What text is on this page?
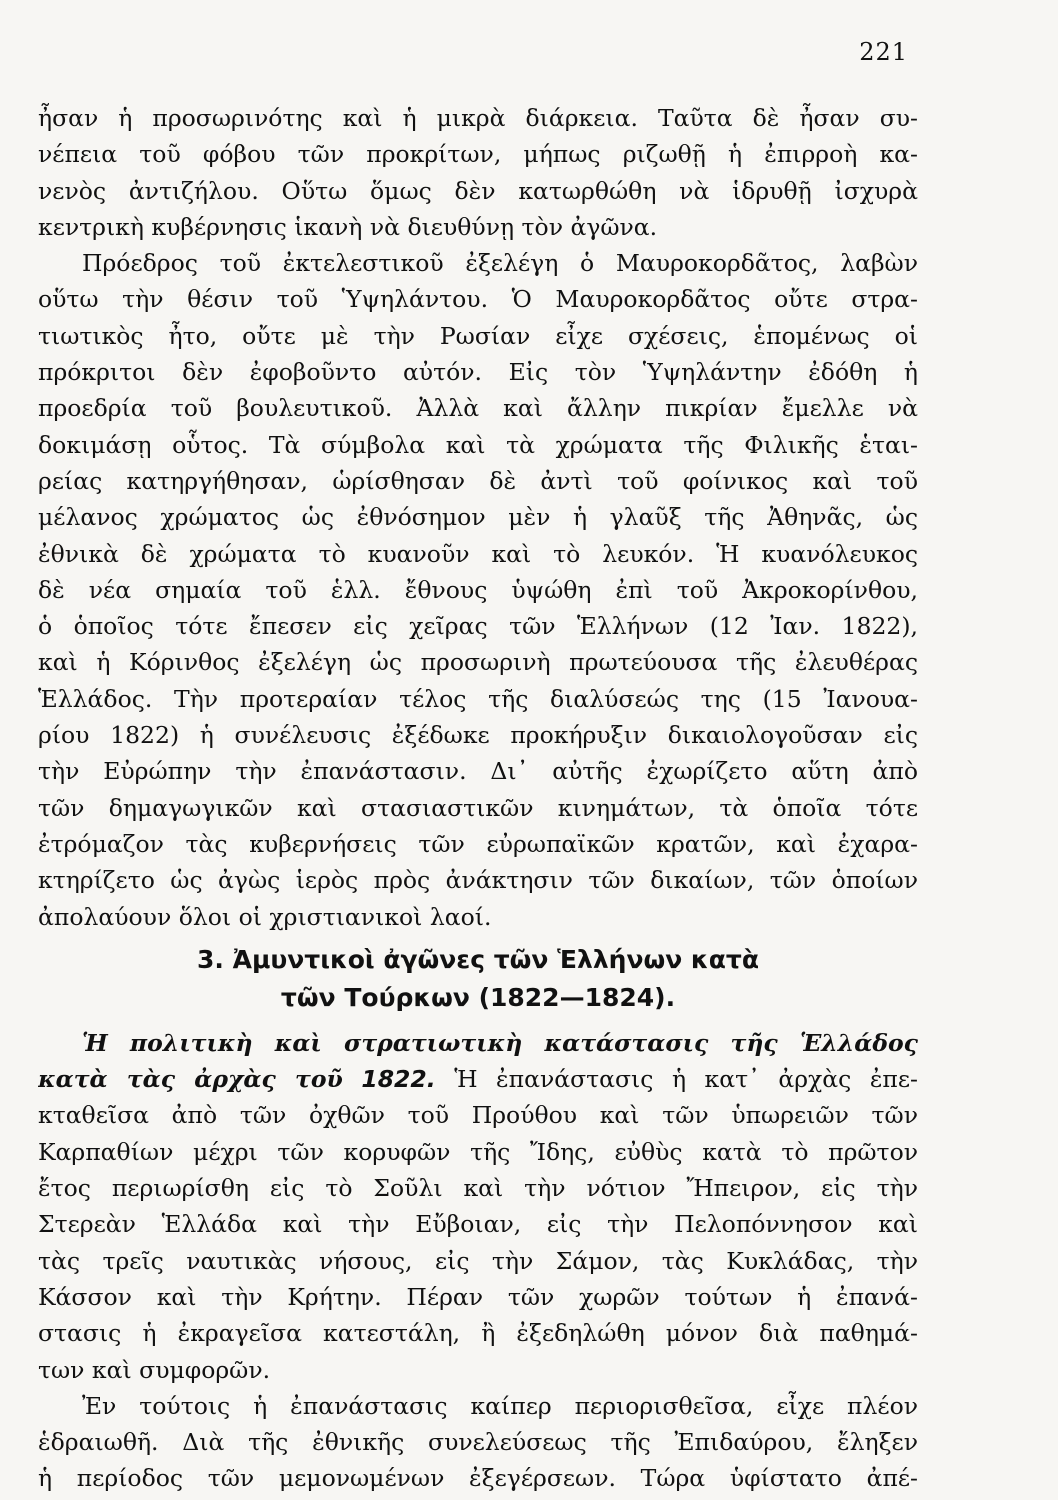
221
ἦσαν ἡ προσωρινότης καὶ ἡ μικρὰ διάρκεια. Ταῦτα δὲ ἦσαν συ-
νέπεια τοῦ φόβου τῶν προκρίτων, μήπως ριζωθῇ ἡ ἐπιρροὴ κα-
νενὸς ἀντιζήλου. Οὕτω ὅμως δὲν κατωρθώθη νὰ ἱδρυθῇ ἰσχυρὰ
κεντρικὴ κυβέρνησις ἱκανὴ νὰ διευθύνῃ τὸν ἀγῶνα.
Πρόεδρος τοῦ ἐκτελεστικοῦ ἐξελέγη ὁ Μαυροκορδᾶτος, λαβὼν
οὕτω τὴν θέσιν τοῦ Ὑψηλάντου. Ὁ Μαυροκορδᾶτος οὔτε στρα-
τιωτικὸς ἦτο, οὔτε μὲ τὴν Ρωσίαν εἶχε σχέσεις, ἑπομένως οἱ
πρόκριτοι δὲν ἐφοβοῦντο αὐτόν. Εἰς τὸν Ὑψηλάντην ἐδόθη ἡ
προεδρία τοῦ βουλευτικοῦ. Ἀλλὰ καὶ ἄλλην πικρίαν ἔμελλε νὰ
δοκιμάσῃ οὗτος. Τὰ σύμβολα καὶ τὰ χρώματα τῆς Φιλικῆς ἑται-
ρείας κατηργήθησαν, ὡρίσθησαν δὲ ἀντὶ τοῦ φοίνικος καὶ τοῦ
μέλανος χρώματος ὡς ἐθνόσημον μὲν ἡ γλαῦξ τῆς Ἀθηνᾶς, ὡς
ἐθνικὰ δὲ χρώματα τὸ κυανοῦν καὶ τὸ λευκόν. Ἡ κυανόλευκος
δὲ νέα σημαία τοῦ ἑλλ. ἔθνους ὑψώθη ἐπὶ τοῦ Ἀκροκορίνθου,
ὁ ὁποῖος τότε ἔπεσεν εἰς χεῖρας τῶν Ἑλλήνων (12 Ἰαν. 1822),
καὶ ἡ Κόρινθος ἐξελέγη ὡς προσωρινὴ πρωτεύουσα τῆς ἐλευθέρας
Ἑλλάδος. Τὴν προτεραίαν τέλος τῆς διαλύσεώς της (15 Ἰανουα-
ρίου 1822) ἡ συνέλευσις ἐξέδωκε προκήρυξιν δικαιολογοῦσαν εἰς
τὴν Εὐρώπην τὴν ἐπανάστασιν. Δι᾿ αὐτῆς ἐχωρίζετο αὕτη ἀπὸ
τῶν δημαγωγικῶν καὶ στασιαστικῶν κινημάτων, τὰ ὁποῖα τότε
ἐτρόμαζον τὰς κυβερνήσεις τῶν εὐρωπαϊκῶν κρατῶν, καὶ ἐχαρα-
κτηρίζετο ὡς ἀγὼς ἱερὸς πρὸς ἀνάκτησιν τῶν δικαίων, τῶν ὁποίων
ἀπολαύουν ὅλοι οἱ χριστιανικοὶ λαοί.
3. Ἀμυντικοὶ ἀγῶνες τῶν Ἑλλήνων κατὰ
τῶν Τούρκων (1822—1824).
Ἡ πολιτικὴ καὶ στρατιωτικὴ κατάστασις τῆς Ἑλλάδος
κατὰ τὰς ἀρχὰς τοῦ 1822. Ἡ ἐπανάστασις ἡ κατ᾿ ἀρχὰς ἐπε-
κταθεῖσα ἀπὸ τῶν ὀχθῶν τοῦ Προύθου καὶ τῶν ὑπωρειῶν τῶν
Καρπαθίων μέχρι τῶν κορυφῶν τῆς Ἴδης, εὐθὺς κατὰ τὸ πρῶτον
ἔτος περιωρίσθη εἰς τὸ Σοῦλι καὶ τὴν νότιον Ἤπειρον, εἰς τὴν
Στερεὰν Ἑλλάδα καὶ τὴν Εὔβοιαν, εἰς τὴν Πελοπόννησον καὶ
τὰς τρεῖς ναυτικὰς νήσους, εἰς τὴν Σάμον, τὰς Κυκλάδας, τὴν
Κάσσον καὶ τὴν Κρήτην. Πέραν τῶν χωρῶν τούτων ἡ ἐπανά-
στασις ἡ ἐκραγεῖσα κατεστάλη, ἢ ἐξεδηλώθη μόνον διὰ παθημά-
των καὶ συμφορῶν.
Ἐν τούτοις ἡ ἐπανάστασις καίπερ περιορισθεῖσα, εἶχε πλέον
ἑδραιωθῆ. Διὰ τῆς ἐθνικῆς συνελεύσεως τῆς Ἐπιδαύρου, ἔληξεν
ἡ περίοδος τῶν μεμονωμένων ἐξεγέρσεων. Τώρα ὑφίστατο ἀπέ-
